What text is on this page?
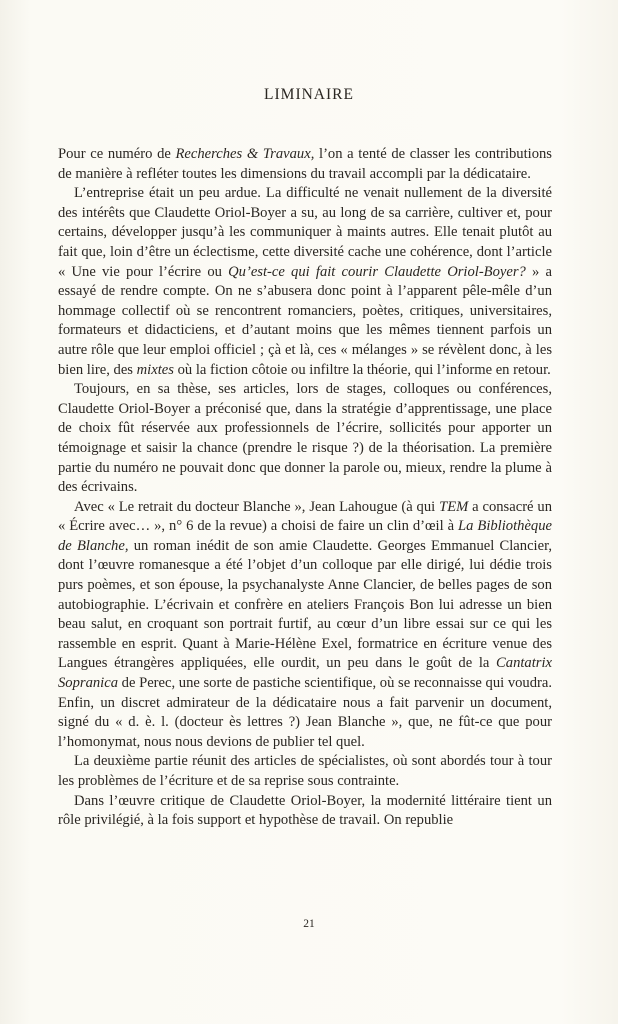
LIMINAIRE

Pour ce numéro de Recherches & Travaux, l’on a tenté de classer les contributions de manière à refléter toutes les dimensions du travail accompli par la dédicataire.

L’entreprise était un peu ardue. La difficulté ne venait nullement de la diversité des intérêts que Claudette Oriol-Boyer a su, au long de sa carrière, cultiver et, pour certains, développer jusqu’à les communiquer à maints autres. Elle tenait plutôt au fait que, loin d’être un éclectisme, cette diversité cache une cohérence, dont l’article « Une vie pour l’écrire ou Qu’est-ce qui fait courir Claudette Oriol-Boyer? » a essayé de rendre compte. On ne s’abusera donc point à l’apparent pêle-mêle d’un hommage collectif où se rencontrent romanciers, poètes, critiques, universitaires, formateurs et didacticiens, et d’autant moins que les mêmes tiennent parfois un autre rôle que leur emploi officiel ; çà et là, ces « mélanges » se révèlent donc, à les bien lire, des mixtes où la fiction côtoie ou infiltre la théorie, qui l’informe en retour.

Toujours, en sa thèse, ses articles, lors de stages, colloques ou conférences, Claudette Oriol-Boyer a préconisé que, dans la stratégie d’apprentissage, une place de choix fût réservée aux professionnels de l’écrire, sollicités pour apporter un témoignage et saisir la chance (prendre le risque ?) de la théorisation. La première partie du numéro ne pouvait donc que donner la parole ou, mieux, rendre la plume à des écrivains.

Avec « Le retrait du docteur Blanche », Jean Lahougue (à qui TEM a consacré un « Écrire avec… », n° 6 de la revue) a choisi de faire un clin d’œil à La Bibliothèque de Blanche, un roman inédit de son amie Claudette. Georges Emmanuel Clancier, dont l’œuvre romanesque a été l’objet d’un colloque par elle dirigé, lui dédie trois purs poèmes, et son épouse, la psychanalyste Anne Clancier, de belles pages de son autobiographie. L’écrivain et confrère en ateliers François Bon lui adresse un bien beau salut, en croquant son portrait furtif, au cœur d’un libre essai sur ce qui les rassemble en esprit. Quant à Marie-Hélène Exel, formatrice en écriture venue des Langues étrangères appliquées, elle ourdit, un peu dans le goût de la Cantatrix Sopranica de Perec, une sorte de pastiche scientifique, où se reconnaisse qui voudra. Enfin, un discret admirateur de la dédicataire nous a fait parvenir un document, signé du « d. è. l. (docteur ès lettres ?) Jean Blanche », que, ne fût-ce que pour l’homonymat, nous nous devions de publier tel quel.

La deuxième partie réunit des articles de spécialistes, où sont abordés tour à tour les problèmes de l’écriture et de sa reprise sous contrainte.

Dans l’œuvre critique de Claudette Oriol-Boyer, la modernité littéraire tient un rôle privilégié, à la fois support et hypothèse de travail. On republie

21
